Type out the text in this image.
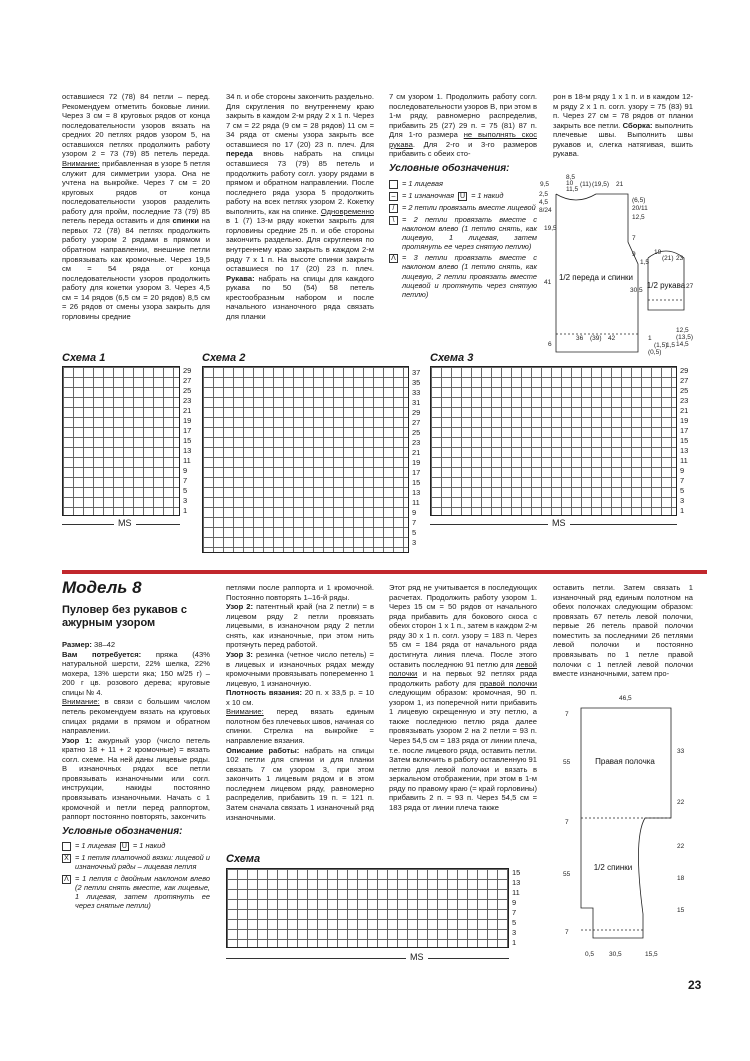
оставшиеся 72 (78) 84 петли – перед. Рекомендуем отметить боковые линии. Через 3 см = 8 круговых рядов от конца последовательности узоров вязать на средних 20 петлях рядов узором 5, на оставшихся петлях продолжить работу узором 2 = 73 (79) 85 петель переда. Внимание: прибавленная в узоре 5 петля служит для симметрии узора. Она не учтена на выкройке. Через 7 см = 20 круговых рядов от конца последовательности узоров разделить работу для пройм, последние 73 (79) 85 петель переда оставить и для спинки на первых 72 (78) 84 петлях продолжить работу узором 2 рядами в прямом и обратном направлении, внешние петли провязывать как кромочные. Через 19,5 см = 54 ряда от конца последовательности узоров продолжить работу для кокетки узором 3. Через 4,5 см = 14 рядов (6,5 см = 20 рядов) 8,5 см = 26 рядов от смены узора закрыть для горловины средние

34 п. и обе стороны закончить раздельно. Для скругления по внутреннему краю закрыть в каждом 2-м ряду 2 х 1 п. Через 7 см = 22 ряда (9 см = 28 рядов) 11 см = 34 ряда от смены узора закрыть все оставшиеся по 17 (20) 23 п. плеч. Для переда вновь набрать на спицы оставшиеся 73 (79) 85 петель и продолжить работу согл. узору рядами в прямом и обратном направлении. После последнего ряда узора 5 продолжить работу на всех петлях узором 2. Кокетку выполнить, как на спинке. Одновременно в 1 (7) 13-м ряду кокетки закрыть для горловины средние 25 п. и обе стороны закончить раздельно. Для скругления по внутреннему краю закрыть в каждом 2-м ряду 7 х 1 п. На высоте спинки закрыть оставшиеся по 17 (20) 23 п. плеч. Рукава: набрать на спицы для каждого рукава по 50 (54) 58 петель крестообразным набором и после начального изнаночного ряда связать для планки

7 см узором 1. Продолжить работу согл. последовательности узоров B, при этом в 1-м ряду, равномерно распределив, прибавить 25 (27) 29 п. = 75 (81) 87 п. Для 1-го размера не выполнять скос рукава. Для 2-го и 3-го размеров прибавить с обеих сто-

Условные обозначения:
= 1 лицевая
– = 1 изнаночная U = 1 накид
/	= 2 петли провязать вместе лицевой
\	= 2 петли провязать вместе с наклоном влево (1 петлю снять, как лицевую, 1 лицевая, затем протянуть ее через снятую петлю)
Λ = 3 петли провязать вместе с наклоном влево (1 петлю снять, как лицевую, 2 петли провязать вместе лицевой и протянуть через снятую петлю)

рон в 18-м ряду 1 х 1 п. и в каждом 12-м ряду 2 х 1 п. согл. узору = 75 (83) 91 п. Через 27 см = 78 рядов от планки закрыть все петли. Сборка: выполнить плечевые швы. Выполнить швы рукавов и, слегка натягивая, вшить рукава.

8,5
10
11,5
9,5	(11) (19,5) 21
12,5
2,5
4,5
8/24
(6,5)
19,5
20/11
41
30,5
6
7
9
1,5
19
(21) 23
27
36 (39) 42	1
(1,5)
(0,5)
1,5
12,5
(13,5)
14,5
1/2 переда и спинки
1/2 рукава
Схема 1
29
27
25
23
21
19
17
15
13
11
9
7
5
3
1
MS
Схема 2
37
35
33
31
29
27
25
23
21
19
17
15
13
11
9
7
5
3
Схема 3
29
27
25
23
21
19
17
15
13
11
9
7
5
3
1
MS
Модель 8
Пуловер без рукавов с ажурным узором

Размер: 38–42

Вам потребуется: пряжа (43% натуральной шерсти, 22% шелка, 22% мохера, 13% шерсти яка; 150 м/25 г) – 200 г цв. розового дерева; круговые спицы № 4.

Внимание: в связи с большим числом петель рекомендуем вязать на круговых спицах рядами в прямом и обратном направлении.

Узор 1: ажурный узор (число петель кратно 18 + 11 + 2 кромочные) = вязать согл. схеме. На ней даны лицевые ряды. В изнаночных рядах все петли провязывать изнаночными или согл. инструкции, накиды постоянно провязывать изнаночными. Начать с 1 кромочной и петли перед раппортом, раппорт постоянно повторять, закончить

Условные обозначения:
= 1 лицевая U = 1 накид
X = 1 петля платочной вязки: лицевой и изнаночный ряды – лицевая петля
Λ = 1 петля с двойным наклоном влево (2 петли снять вместе, как лицевые, 1 лицевая, затем протянуть ее через снятые петли)

петлями после раппорта и 1 кромочной. Постоянно повторять 1–16-й ряды.

Узор 2: патентный край (на 2 петли) = в лицевом ряду 2 петли провязать лицевыми, в изнаночном ряду 2 петли снять, как изнаночные, при этом нить протянуть перед работой.

Узор 3: резинка (четное число петель) = в лицевых и изнаночных рядах между кромочными провязывать попеременно 1 лицевую, 1 изнаночную.

Плотность вязания: 20 п. х 33,5 р. = 10 х 10 см.

Внимание: перед вязать единым полотном без плечевых швов, начиная со спинки. Стрелка на выкройке = направление вязания.

Описание работы: набрать на спицы 102 петли для спинки и для планки связать 7 см узором 3, при этом закончить 1 лицевым рядом и в этом последнем лицевом ряду, равномерно распределив, прибавить 19 п. = 121 п. Затем сначала связать 1 изнаночный ряд изнаночными.

Этот ряд не учитывается в последующих расчетах. Продолжить работу узором 1. Через 15 см = 50 рядов от начального ряда прибавить для бокового скоса с обеих сторон 1 х 1 п., затем в каждом 2-м ряду 30 х 1 п. согл. узору = 183 п. Через 55 см = 184 ряда от начального ряда достигнута линия плеча. После этого оставить последнюю 91 петлю для левой полочки и на первых 92 петлях ряда продолжить работу для правой полочки следующим образом: кромочная, 90 п. узором 1, из поперечной нити прибавить 1 лицевую скрещенную и эту петлю, а также последнюю петлю ряда далее провязывать узором 2 на 2 петли = 93 п. Через 54,5 см = 183 ряда от линии плеча, т.е. после лицевого ряда, оставить петли. Затем включить в работу оставленную 91 петлю для левой полочки и вязать в зеркальном отображении, при этом в 1-м ряду по правому краю (= край горловины) прибавить 2 п. = 93 п. Через 54,5 см = 183 ряда от линии плеча также

оставить петли. Затем связать 1 изнаночный ряд единым полотном на обеих полочках следующим образом: провязать 67 петель левой полочки, первые 26 петель правой полочки поместить за последними 26 петлями левой полочки и постоянно провязывать по 1 петле правой полочки с 1 петлей левой полочки вместе изнаночными, затем про-

Схема
15
13
11
9
7
5
3
1
MS
46,5
7
33
55
22
22
7
55
18
15
7
0,5 30,5	15,5
Правая полочка
1/2 спинки
23
